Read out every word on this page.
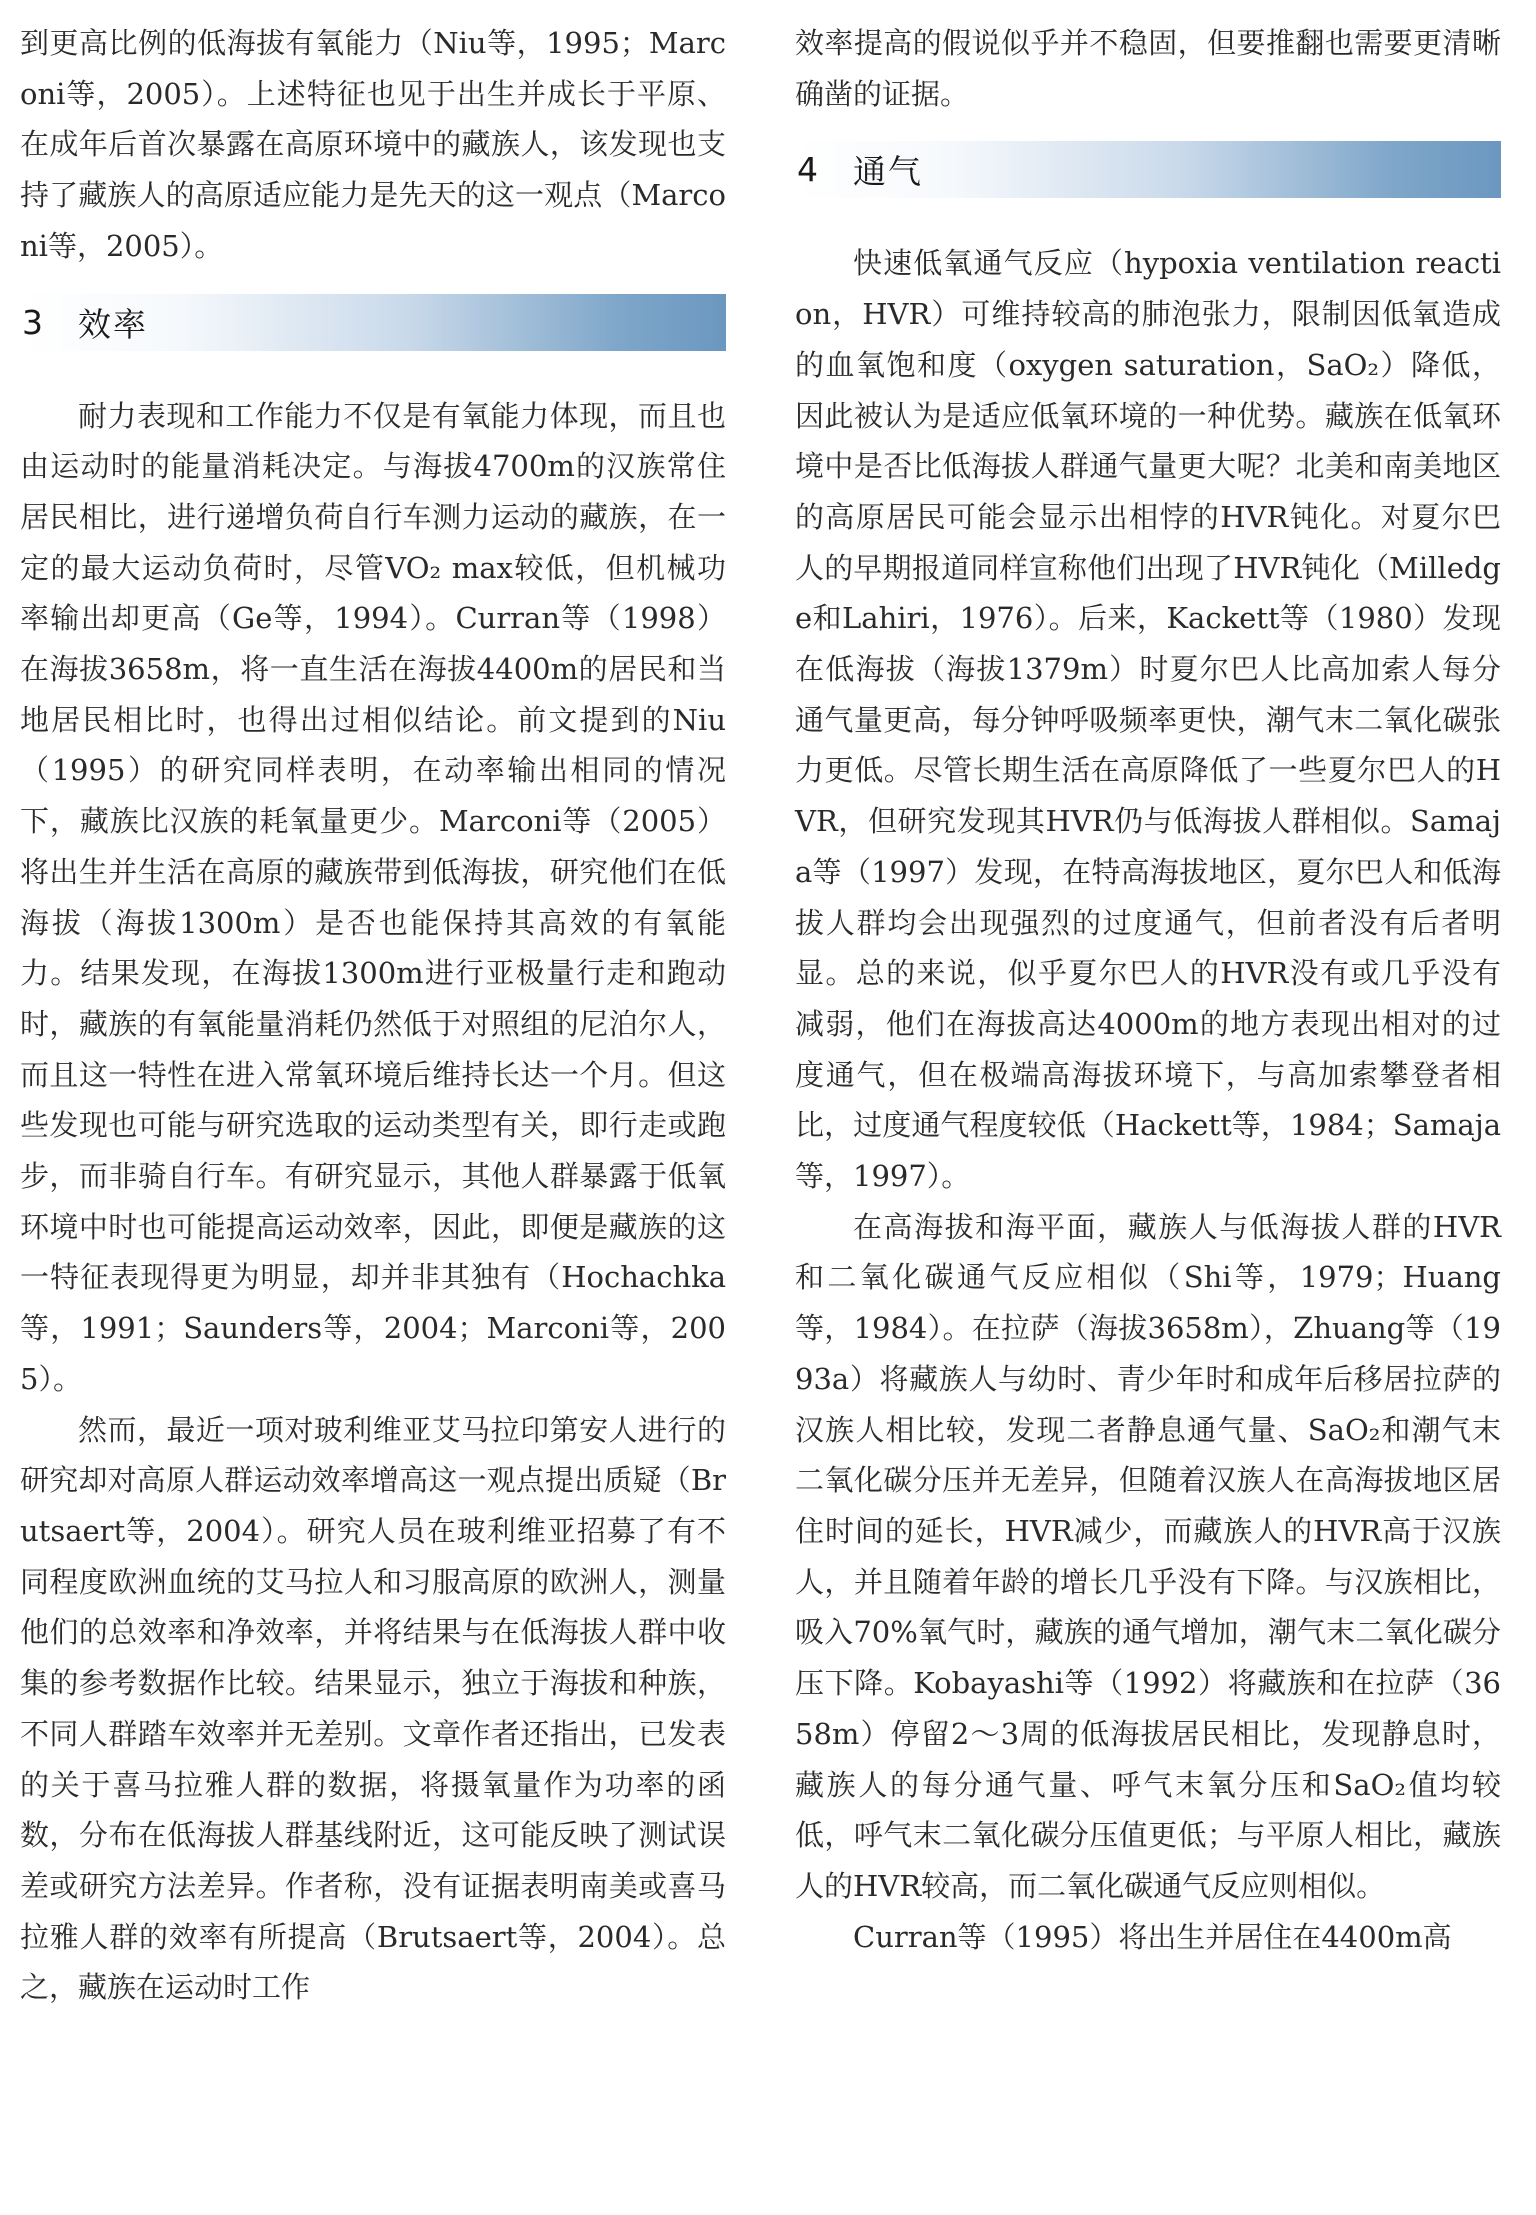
到更高比例的低海拔有氧能力（Niu等，1995；Marconi等，2005）。上述特征也见于出生并成长于平原、在成年后首次暴露在高原环境中的藏族人，该发现也支持了藏族人的高原适应能力是先天的这一观点（Marconi等，2005）。

3	效率

耐力表现和工作能力不仅是有氧能力体现，而且也由运动时的能量消耗决定。与海拔4700m的汉族常住居民相比，进行递增负荷自行车测力运动的藏族，在一定的最大运动负荷时，尽管VO₂ max较低，但机械功率输出却更高（Ge等，1994）。Curran等（1998）在海拔3658m，将一直生活在海拔4400m的居民和当地居民相比时，也得出过相似结论。前文提到的Niu（1995）的研究同样表明，在动率输出相同的情况下，藏族比汉族的耗氧量更少。Marconi等（2005）将出生并生活在高原的藏族带到低海拔，研究他们在低海拔（海拔1300m）是否也能保持其高效的有氧能力。结果发现，在海拔1300m进行亚极量行走和跑动时，藏族的有氧能量消耗仍然低于对照组的尼泊尔人，而且这一特性在进入常氧环境后维持长达一个月。但这些发现也可能与研究选取的运动类型有关，即行走或跑步，而非骑自行车。有研究显示，其他人群暴露于低氧环境中时也可能提高运动效率，因此，即便是藏族的这一特征表现得更为明显，却并非其独有（Hochachka等，1991；Saunders等，2004；Marconi等，2005）。

然而，最近一项对玻利维亚艾马拉印第安人进行的研究却对高原人群运动效率增高这一观点提出质疑（Brutsaert等，2004）。研究人员在玻利维亚招募了有不同程度欧洲血统的艾马拉人和习服高原的欧洲人，测量他们的总效率和净效率，并将结果与在低海拔人群中收集的参考数据作比较。结果显示，独立于海拔和种族，不同人群踏车效率并无差别。文章作者还指出，已发表的关于喜马拉雅人群的数据，将摄氧量作为功率的函数，分布在低海拔人群基线附近，这可能反映了测试误差或研究方法差异。作者称，没有证据表明南美或喜马拉雅人群的效率有所提高（Brutsaert等，2004）。总之，藏族在运动时工作

效率提高的假说似乎并不稳固，但要推翻也需要更清晰确凿的证据。

4	通气

快速低氧通气反应（hypoxia ventilation reaction，HVR）可维持较高的肺泡张力，限制因低氧造成的血氧饱和度（oxygen saturation，SaO₂）降低，因此被认为是适应低氧环境的一种优势。藏族在低氧环境中是否比低海拔人群通气量更大呢？北美和南美地区的高原居民可能会显示出相悖的HVR钝化。对夏尔巴人的早期报道同样宣称他们出现了HVR钝化（Milledge和Lahiri，1976）。后来，Kackett等（1980）发现在低海拔（海拔1379m）时夏尔巴人比高加索人每分通气量更高，每分钟呼吸频率更快，潮气末二氧化碳张力更低。尽管长期生活在高原降低了一些夏尔巴人的HVR，但研究发现其HVR仍与低海拔人群相似。Samaja等（1997）发现，在特高海拔地区，夏尔巴人和低海拔人群均会出现强烈的过度通气，但前者没有后者明显。总的来说，似乎夏尔巴人的HVR没有或几乎没有减弱，他们在海拔高达4000m的地方表现出相对的过度通气，但在极端高海拔环境下，与高加索攀登者相比，过度通气程度较低（Hackett等，1984；Samaja等，1997）。

在高海拔和海平面，藏族人与低海拔人群的HVR和二氧化碳通气反应相似（Shi等，1979；Huang等，1984）。在拉萨（海拔3658m），Zhuang等（1993a）将藏族人与幼时、青少年时和成年后移居拉萨的汉族人相比较，发现二者静息通气量、SaO₂和潮气末二氧化碳分压并无差异，但随着汉族人在高海拔地区居住时间的延长，HVR减少，而藏族人的HVR高于汉族人，并且随着年龄的增长几乎没有下降。与汉族相比，吸入70%氧气时，藏族的通气增加，潮气末二氧化碳分压下降。Kobayashi等（1992）将藏族和在拉萨（3658m）停留2～3周的低海拔居民相比，发现静息时，藏族人的每分通气量、呼气末氧分压和SaO₂值均较低，呼气末二氧化碳分压值更低；与平原人相比，藏族人的HVR较高，而二氧化碳通气反应则相似。

Curran等（1995）将出生并居住在4400m高
